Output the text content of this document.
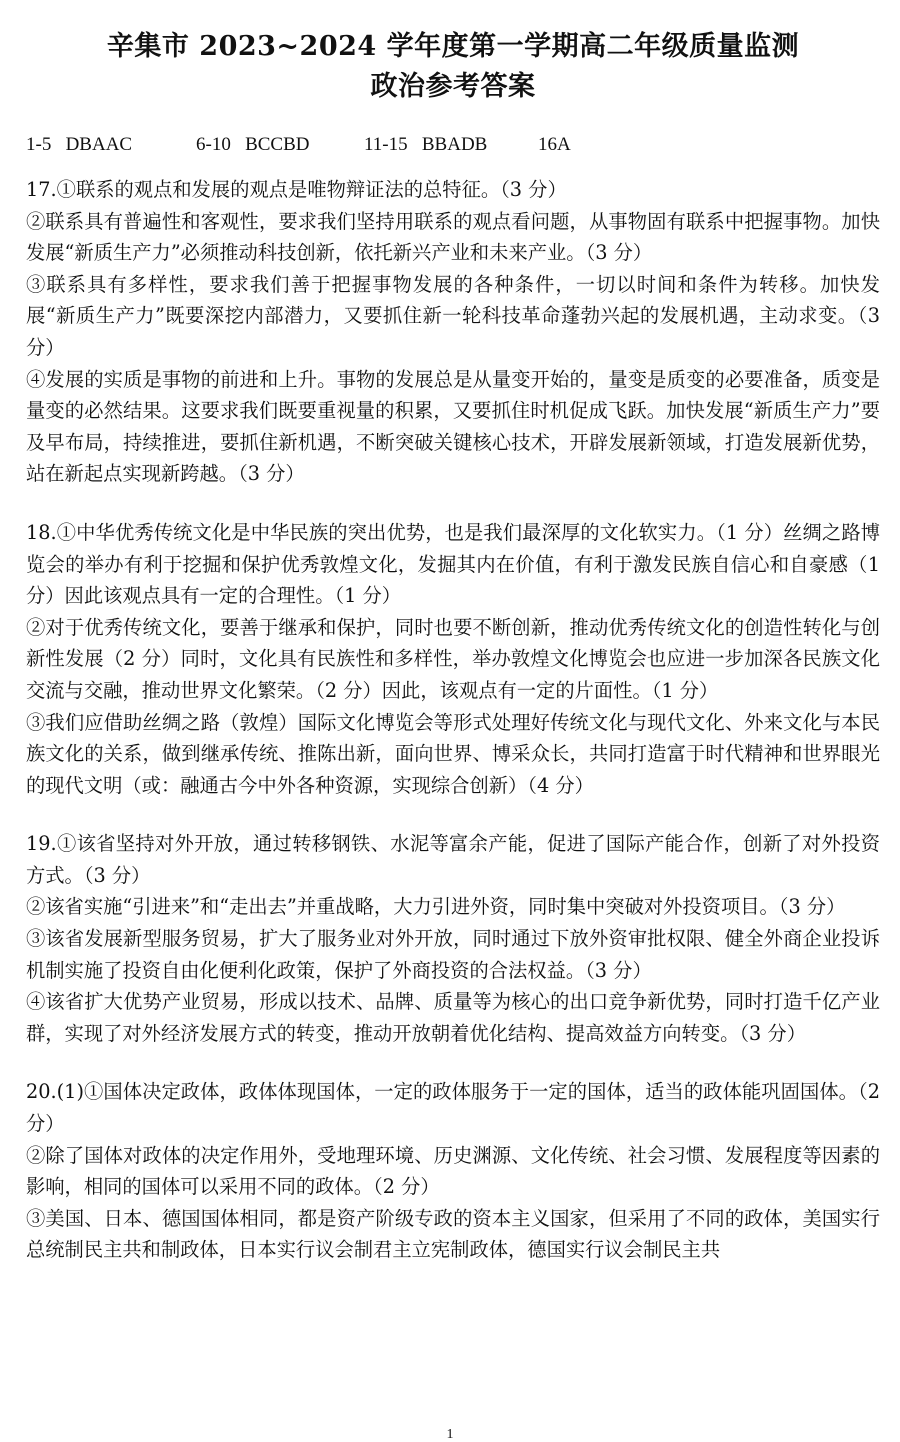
辛集市 2023~2024 学年度第一学期高二年级质量监测
政治参考答案
1-5   DBAAC	6-10   BCCBD	11-15   BBADB	16A

17.①联系的观点和发展的观点是唯物辩证法的总特征。（3 分）

②联系具有普遍性和客观性，要求我们坚持用联系的观点看问题，从事物固有联系中把握事物。加快发展“新质生产力”必须推动科技创新，依托新兴产业和未来产业。（3 分）

③联系具有多样性，要求我们善于把握事物发展的各种条件，一切以时间和条件为转移。加快发展“新质生产力”既要深挖内部潜力，又要抓住新一轮科技革命蓬勃兴起的发展机遇，主动求变。（3 分）

④发展的实质是事物的前进和上升。事物的发展总是从量变开始的，量变是质变的必要准备，质变是量变的必然结果。这要求我们既要重视量的积累，又要抓住时机促成飞跃。加快发展“新质生产力”要及早布局，持续推进，要抓住新机遇，不断突破关键核心技术，开辟发展新领域，打造发展新优势，站在新起点实现新跨越。（3 分）

18.①中华优秀传统文化是中华民族的突出优势，也是我们最深厚的文化软实力。（1 分）丝绸之路博览会的举办有利于挖掘和保护优秀敦煌文化，发掘其内在价值，有利于激发民族自信心和自豪感（1 分）因此该观点具有一定的合理性。（1 分）

②对于优秀传统文化，要善于继承和保护，同时也要不断创新，推动优秀传统文化的创造性转化与创新性发展（2 分）同时，文化具有民族性和多样性，举办敦煌文化博览会也应进一步加深各民族文化交流与交融，推动世界文化繁荣。（2 分）因此，该观点有一定的片面性。（1 分）

③我们应借助丝绸之路（敦煌）国际文化博览会等形式处理好传统文化与现代文化、外来文化与本民族文化的关系，做到继承传统、推陈出新，面向世界、博采众长，共同打造富于时代精神和世界眼光的现代文明（或：融通古今中外各种资源，实现综合创新）（4 分）

19.①该省坚持对外开放，通过转移钢铁、水泥等富余产能，促进了国际产能合作，创新了对外投资方式。（3 分）

②该省实施“引进来”和“走出去”并重战略，大力引进外资，同时集中突破对外投资项目。（3 分）

③该省发展新型服务贸易，扩大了服务业对外开放，同时通过下放外资审批权限、健全外商企业投诉机制实施了投资自由化便利化政策，保护了外商投资的合法权益。（3 分）

④该省扩大优势产业贸易，形成以技术、品牌、质量等为核心的出口竞争新优势，同时打造千亿产业群，实现了对外经济发展方式的转变，推动开放朝着优化结构、提高效益方向转变。（3 分）

20.(1)①国体决定政体，政体体现国体，一定的政体服务于一定的国体，适当的政体能巩固国体。（2 分）

②除了国体对政体的决定作用外，受地理环境、历史渊源、文化传统、社会习惯、发展程度等因素的影响，相同的国体可以采用不同的政体。（2 分）

③美国、日本、德国国体相同，都是资产阶级专政的资本主义国家，但采用了不同的政体，美国实行总统制民主共和制政体，日本实行议会制君主立宪制政体，德国实行议会制民主共

1
